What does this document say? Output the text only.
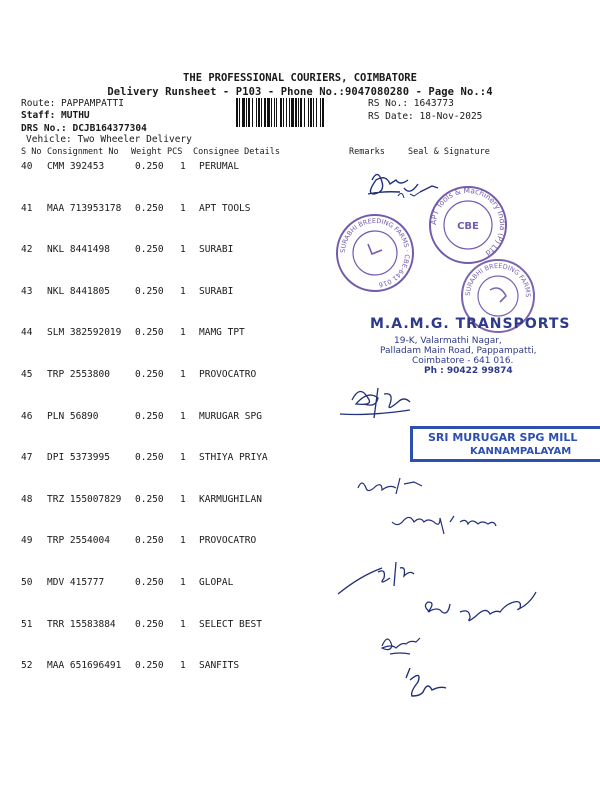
THE PROFESSIONAL COURIERS, COIMBATORE
Delivery Runsheet - P103 - Phone No.:9047080280 - Page No.:4
Route: PAPPAMPATTI
Staff: MUTHU
DRS No.: DCJB164377304
Vehicle: Two Wheeler Delivery
RS No.: 1643773
RS Date: 18-Nov-2025
S No Consignment No Weight PCS Consignee Details	Remarks	Seal & Signature
40 CMM 392453	0.250 1 PERUMAL
41 MAA 713953178 0.250 1 APT TOOLS
42 NKL 8441498	0.250 1 SURABI
43 NKL 8441805	0.250 1 SURABI
44 SLM 382592019 0.250 1 MAMG TPT
45 TRP 2553800	0.250 1 PROVOCATRO
46 PLN 56890	0.250 1 MURUGAR SPG
47 DPI 5373995	0.250 1 STHIYA PRIYA
48 TRZ 155007829 0.250 1 KARMUGHILAN
49 TRP 2554004	0.250 1 PROVOCATRO
50 MDV 415777	0.250 1 GLOPAL
51 TRR 15583884 0.250 1 SELECT BEST
52 MAA 651696491 0.250 1 SANFITS
APT Tools & Machinery India (P) Ltd
CBE
SURABHI BREEDING FARMS · CBE-641 016
SURABHI BREEDING FARMS
M.A.M.G. TRANSPORTS
19-K, Valarmathi Nagar,
Palladam Main Road, Pappampatti,
Coimbatore - 641 016.
Ph : 90422 99874
SRI MURUGAR SPG MILL
KANNAMPALAYAM
